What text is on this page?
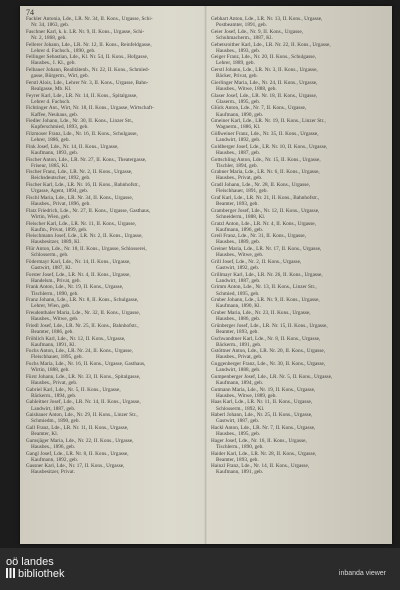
74
Fackler Antonia, Lde., LR. Nr. 34, II. Kons., Urgasse, Schi-
Nr. 34, 1863, geb.
Faschner Karl, k. k. LR. Nr. 9, II. Kons., Urgasse, Schi-
Nr. 2, 1868, geb.
Fellerer Johann, Lde., LR. Nr. 12, II. Kons., Reinfeldgasse,
Lehrer d. Fachsch., 1890, geb.
Fellinger Sebastian, Lde., Kl. Nr. 54, II. Kons., Hofgasse,
Hausbes., I. Kl., geb.
Felbauer Johann, Realitätenb., Nr. 22, II. Kons., Schmied-
gasse, Bürgerm., Wirt, geb.
Ferstl Alois, Lde., Lehrer Nr. 3, II. Kons., Urgasse, Bahn-
Realgasse, Mb. Kl.
Feyrer Karl, Lde., LR. Nr. 14, II. Kons., Spitalgasse,
Lehrer d. Fachsch.
Fichtinger Ant., Wirt, Nr. 18, II. Kons., Urgasse, Wirtschaft-
Kaffee, Neuhaus, geb.
Fiedler Johann, Lde., Nr. 30, II. Kons., Linzer Str.,
Kupferschmied, 1893, geb.
Filzmoser Franz, Lde., Nr. 16, II. Kons., Schulgasse,
Lehrer, 1886, geb.
Fink Josef, Lde., Nr. 14, II. Kons., Urgasse,
Kaufmann, 1893, geb.
Fischer Anton, Lde., LR. Nr. 27, II. Kons., Theatergasse,
Friseur, 1885, Kl.
Fischer Franz, Lde., LR. Nr. 2, II. Kons., Urgasse,
Reichsdeutscher, 1892, geb.
Fischer Karl, Lde., LR. Nr. 16, II. Kons., Bahnhofstr.,
Urgasse, Agent, 1894, geb.
Fischl Maria, Lde., LR. Nr. 34, II. Kons., Urgasse,
Hausbes., Privat, 1896, geb.
Flatz Friedrich, Lde., Nr. 27, II. Kons., Urgasse, Gasthaus,
Wirtin, Wien, geb.
Fleischer Karl, Lde., LR. Nr. 11, II. Kons., Urgasse,
Kaufm., Privat, 1899, geb.
Fleischmann Josef, Lde., LR. Nr. 2, II. Kons., Urgasse,
Hausbesitzer, 1889, Kl.
Flür Anton, Lde., Nr. 18, II. Kons., Urgasse, Schlosserei,
Schlosserm., geb.
Födermayr Karl, Lde., Nr. 14, II. Kons., Urgasse,
Gastwirt, 1887, Kl.
Forster Josef, Lde., LR. Nr. 4, II. Kons., Urgasse,
Handelsm., Privat, geb.
Frank Anton, Lde., Nr. 19, II. Kons., Urgasse,
Tischlerm., 1890, geb.
Franz Johann, Lde., LR. Nr. 8, II. Kons., Schulgasse,
Lehrer, Wien, geb.
Freudenthaler Maria, Lde., Nr. 32, II. Kons., Urgasse,
Hausbes., Witwe, geb.
Friedl Josef, Lde., LR. Nr. 25, II. Kons., Bahnhofstr.,
Beamter, 1886, geb.
Fröhlich Karl, Lde., Nr. 12, II. Kons., Urgasse,
Kaufmann, 1891, Kl.
Fuchs Anton, Lde., LR. Nr. 24, II. Kons., Urgasse,
Fleischhauer, 1895, geb.
Fuchs Maria, Lde., Nr. 16, II. Kons., Urgasse, Gasthaus,
Wirtin, 1888, geb.
Fürst Johann, Lde., LR. Nr. 33, II. Kons., Spitalgasse,
Hausbes., Privat, geb.
Gabriel Karl, Lde., Nr. 5, II. Kons., Urgasse,
Bäckerm., 1894, geb.
Gahleitner Josef, Lde., LR. Nr. 14, II. Kons., Urgasse,
Landwirt, 1887, geb.
Gaisbauer Anton, Lde., Nr. 29, II. Kons., Linzer Str.,
Schmiedm., 1890, geb.
Gall Franz, Lde., LR. Nr. 11, II. Kons., Urgasse,
Beamter, Kl.
Gamsjäger Maria, Lde., Nr. 22, II. Kons., Urgasse,
Hausbes., 1896, geb.
Gangl Josef, Lde., LR. Nr. 8, II. Kons., Urgasse,
Kaufmann, 1892, geb.
Gassner Karl, Lde., Nr. 17, II. Kons., Urgasse,
Hausbesitzer, Privat.
Gebhart Anton, Lde., LR. Nr. 13, II. Kons., Urgasse,
Postbeamter, 1891, geb.
Geier Josef, Lde., Nr. 9, II. Kons., Urgasse,
Schuhmacherm., 1887, Kl.
Gebetsroither Karl, Lde., LR. Nr. 22, II. Kons., Urgasse,
Hausbes., 1893, geb.
Geiger Franz, Lde., Nr. 20, II. Kons., Schulgasse,
Lehrer, 1889, geb.
Gerstl Johann, Lde., LR. Nr. 3, II. Kons., Urgasse,
Bäcker, Privat, geb.
Gierlinger Maria, Lde., Nr. 24, II. Kons., Urgasse,
Hausbes., Witwe, 1888, geb.
Glaser Josef, Lde., LR. Nr. 18, II. Kons., Urgasse,
Glaserm., 1895, geb.
Glück Anton, Lde., Nr. 7, II. Kons., Urgasse,
Kaufmann, 1890, geb.
Gmeiner Karl, Lde., LR. Nr. 19, II. Kons., Linzer Str.,
Wagnerm., 1886, Kl.
Gößweiner Franz, Lde., Nr. 35, II. Kons., Urgasse,
Landwirt, 1892, geb.
Goldberger Josef, Lde., LR. Nr. 10, II. Kons., Urgasse,
Hausbes., 1887, geb.
Gottschling Anton, Lde., Nr. 15, II. Kons., Urgasse,
Tischler, 1894, geb.
Grabner Maria, Lde., LR. Nr. 6, II. Kons., Urgasse,
Hausbes., Privat, geb.
Gradl Johann, Lde., Nr. 28, II. Kons., Urgasse,
Fleischhauer, 1891, geb.
Graf Karl, Lde., LR. Nr. 21, II. Kons., Bahnhofstr.,
Beamter, 1893, geb.
Gramberger Josef, Lde., Nr. 12, II. Kons., Urgasse,
Schneiderm., 1888, Kl.
Gratzl Anton, Lde., LR. Nr. 4, II. Kons., Urgasse,
Kaufmann, 1896, geb.
Greil Franz, Lde., Nr. 31, II. Kons., Urgasse,
Hausbes., 1889, geb.
Greiner Maria, Lde., LR. Nr. 17, II. Kons., Urgasse,
Hausbes., Witwe, geb.
Grill Josef, Lde., Nr. 2, II. Kons., Urgasse,
Gastwirt, 1892, geb.
Grillmayr Karl, Lde., LR. Nr. 26, II. Kons., Urgasse,
Landwirt, 1887, geb.
Grimm Anton, Lde., Nr. 13, II. Kons., Linzer Str.,
Schmied, 1895, geb.
Gruber Johann, Lde., LR. Nr. 9, II. Kons., Urgasse,
Kaufmann, 1890, Kl.
Gruber Maria, Lde., Nr. 23, II. Kons., Urgasse,
Hausbes., 1886, geb.
Grünberger Josef, Lde., LR. Nr. 15, II. Kons., Urgasse,
Beamter, 1893, geb.
Gschwandtner Karl, Lde., Nr. 8, II. Kons., Urgasse,
Bäckerm., 1891, geb.
Gstöttner Anton, Lde., LR. Nr. 20, II. Kons., Urgasse,
Hausbes., Privat, geb.
Guggenberger Franz, Lde., Nr. 30, II. Kons., Urgasse,
Landwirt, 1888, geb.
Gumpenberger Josef, Lde., LR. Nr. 5, II. Kons., Urgasse,
Kaufmann, 1894, geb.
Gutmann Maria, Lde., Nr. 19, II. Kons., Urgasse,
Hausbes., Witwe, 1889, geb.
Haas Karl, Lde., LR. Nr. 11, II. Kons., Urgasse,
Schlosserm., 1892, Kl.
Haberl Johann, Lde., Nr. 25, II. Kons., Urgasse,
Gastwirt, 1887, geb.
Hackl Anton, Lde., LR. Nr. 7, II. Kons., Urgasse,
Hausbes., 1895, geb.
Hager Josef, Lde., Nr. 16, II. Kons., Urgasse,
Tischlerm., 1890, geb.
Haider Karl, Lde., LR. Nr. 28, II. Kons., Urgasse,
Beamter, 1893, geb.
Hainzl Franz, Lde., Nr. 14, II. Kons., Urgasse,
Kaufmann, 1891, geb.
oö landes
bibliothek	inbanda viewer
